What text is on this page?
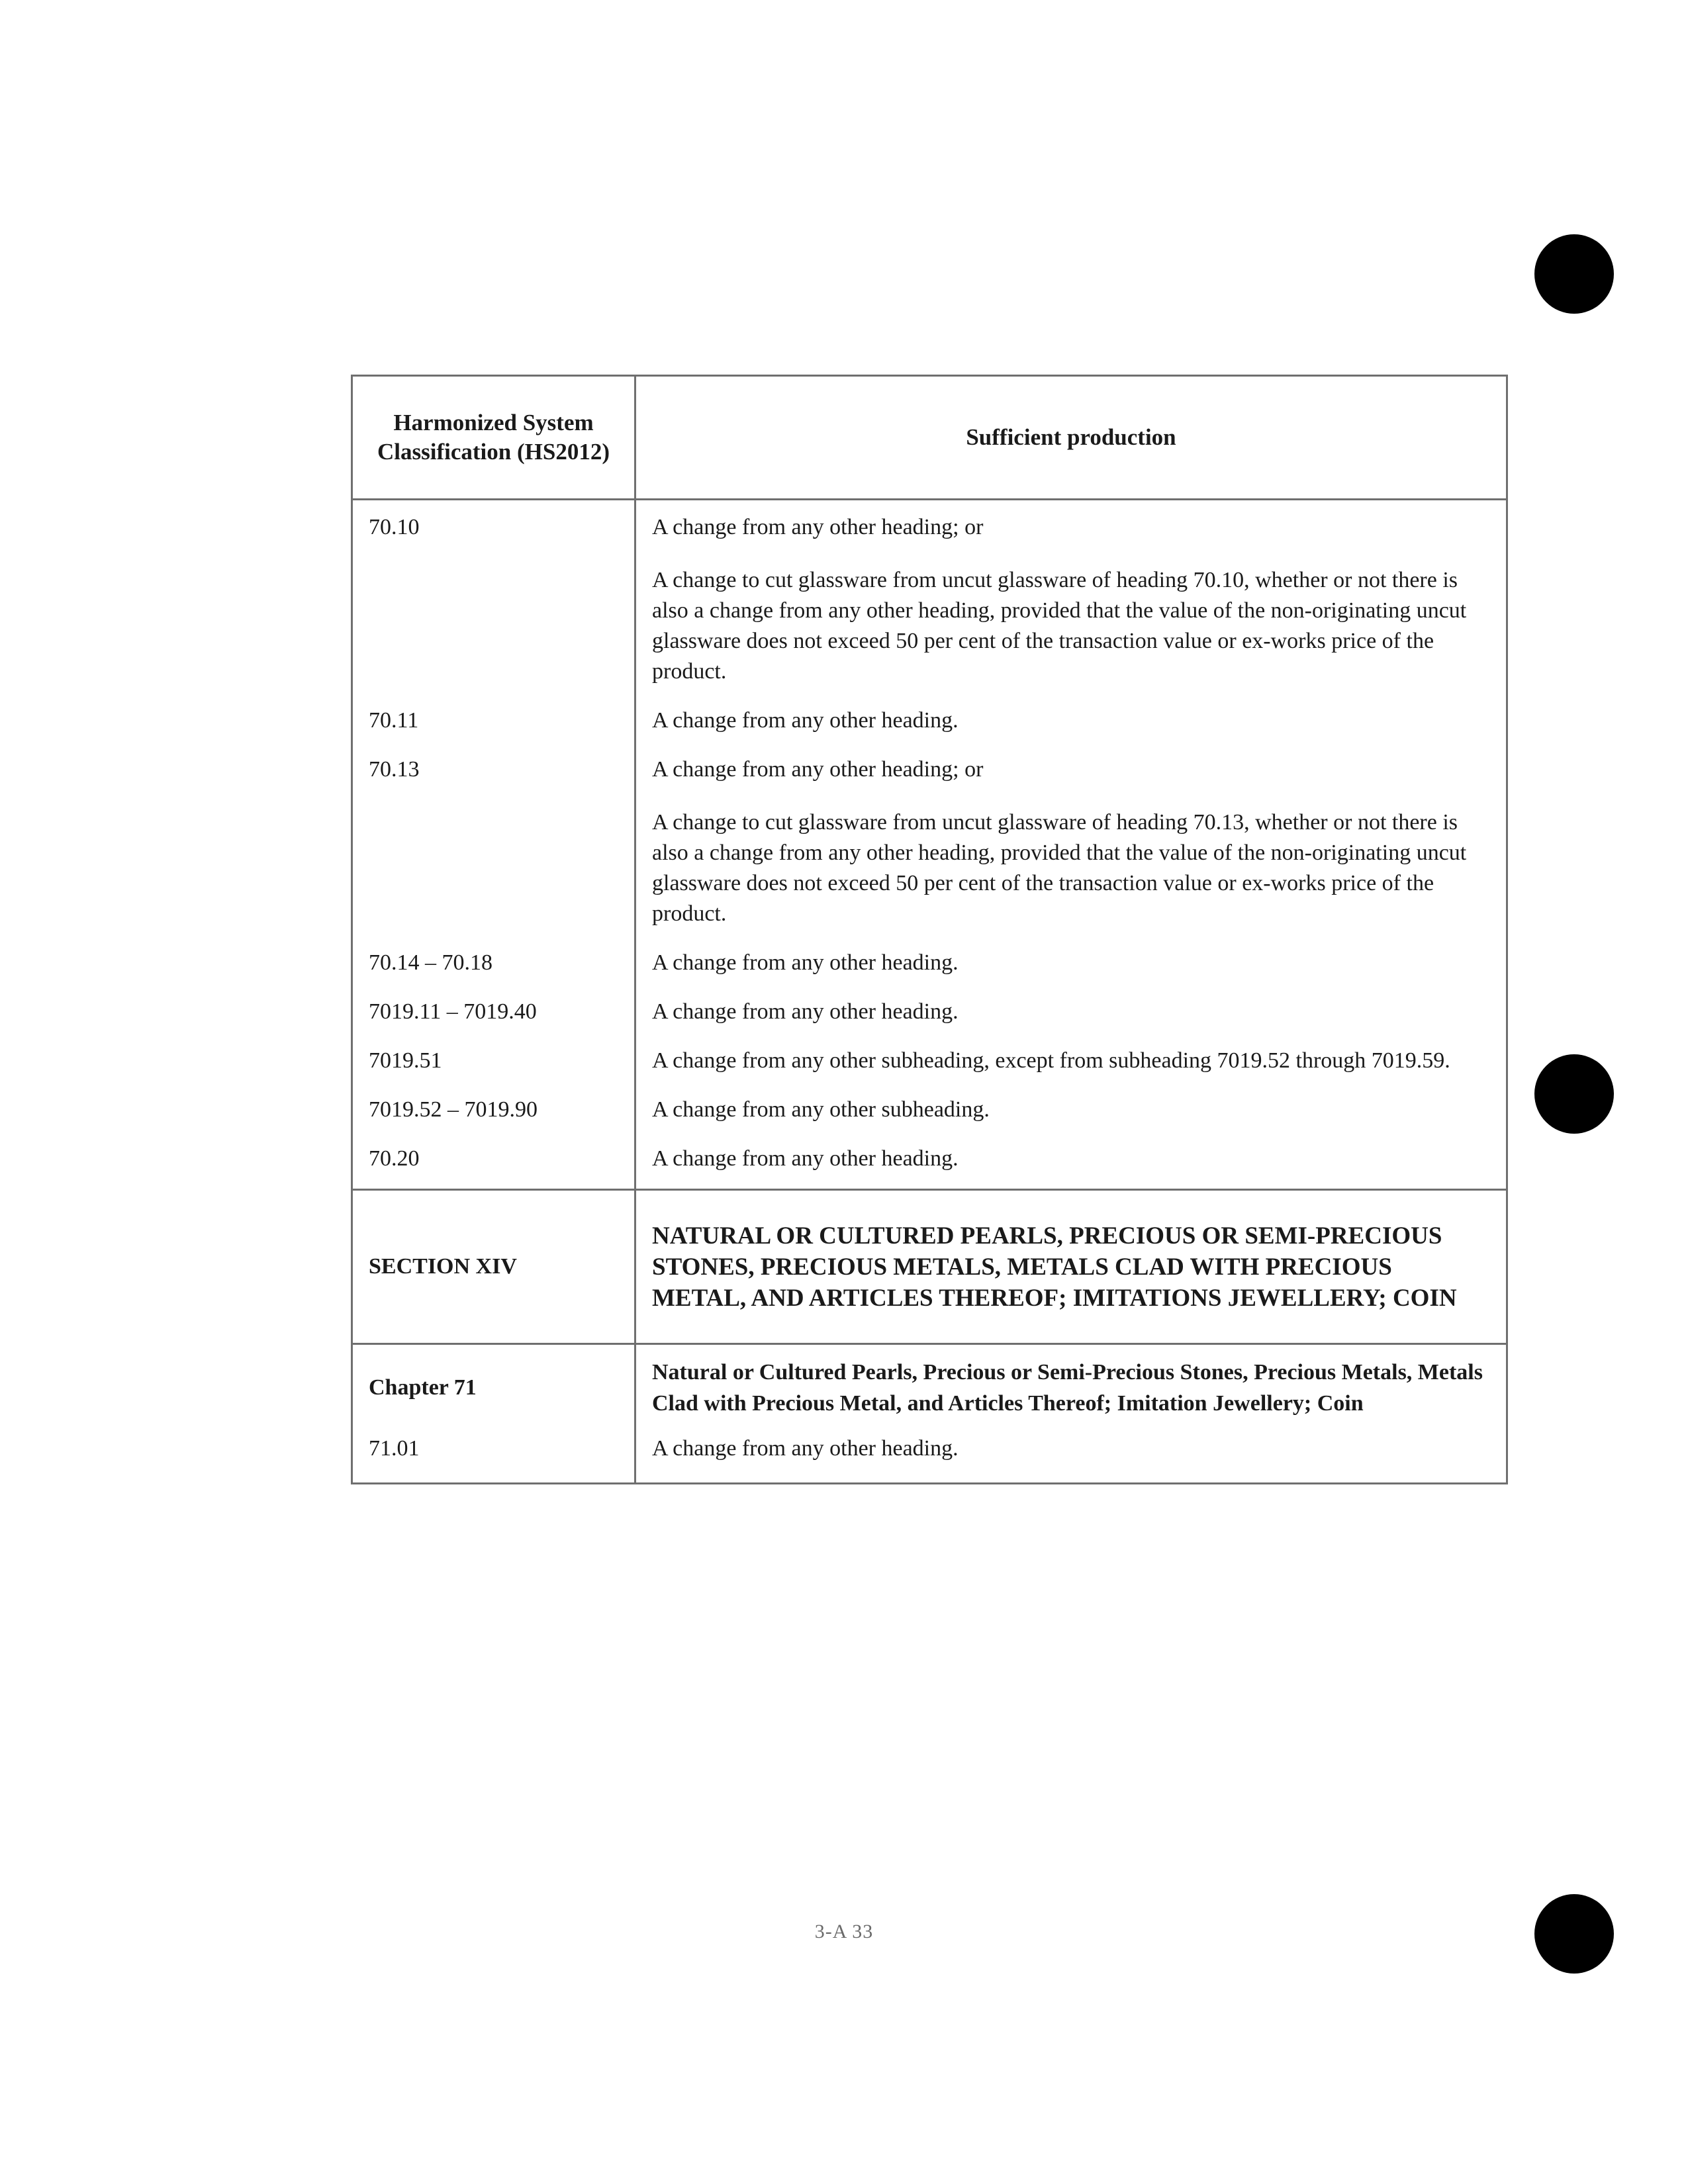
Harmonized System Classification (HS2012)	Sufficient production
70.10	A change from any other heading; or

A change to cut glassware from uncut glassware of heading 70.10, whether or not there is also a change from any other heading, provided that the value of the non-originating uncut glassware does not exceed 50 per cent of the transaction value or ex-works price of the product.

70.11	A change from any other heading.

70.13	A change from any other heading; or

A change to cut glassware from uncut glassware of heading 70.13, whether or not there is also a change from any other heading, provided that the value of the non-originating uncut glassware does not exceed 50 per cent of the transaction value or ex-works price of the product.

70.14 – 70.18	A change from any other heading.

7019.11 – 7019.40	A change from any other heading.

7019.51	A change from any other subheading, except from subheading 7019.52 through 7019.59.

7019.52 – 7019.90	A change from any other subheading.

70.20	A change from any other heading.

SECTION XIV	NATURAL OR CULTURED PEARLS, PRECIOUS OR SEMI-PRECIOUS STONES, PRECIOUS METALS, METALS CLAD WITH PRECIOUS METAL, AND ARTICLES THEREOF; IMITATIONS JEWELLERY; COIN
Chapter 71	Natural or Cultured Pearls, Precious or Semi-Precious Stones, Precious Metals, Metals Clad with Precious Metal, and Articles Thereof; Imitation Jewellery; Coin
71.01	A change from any other heading.

3-A 33
